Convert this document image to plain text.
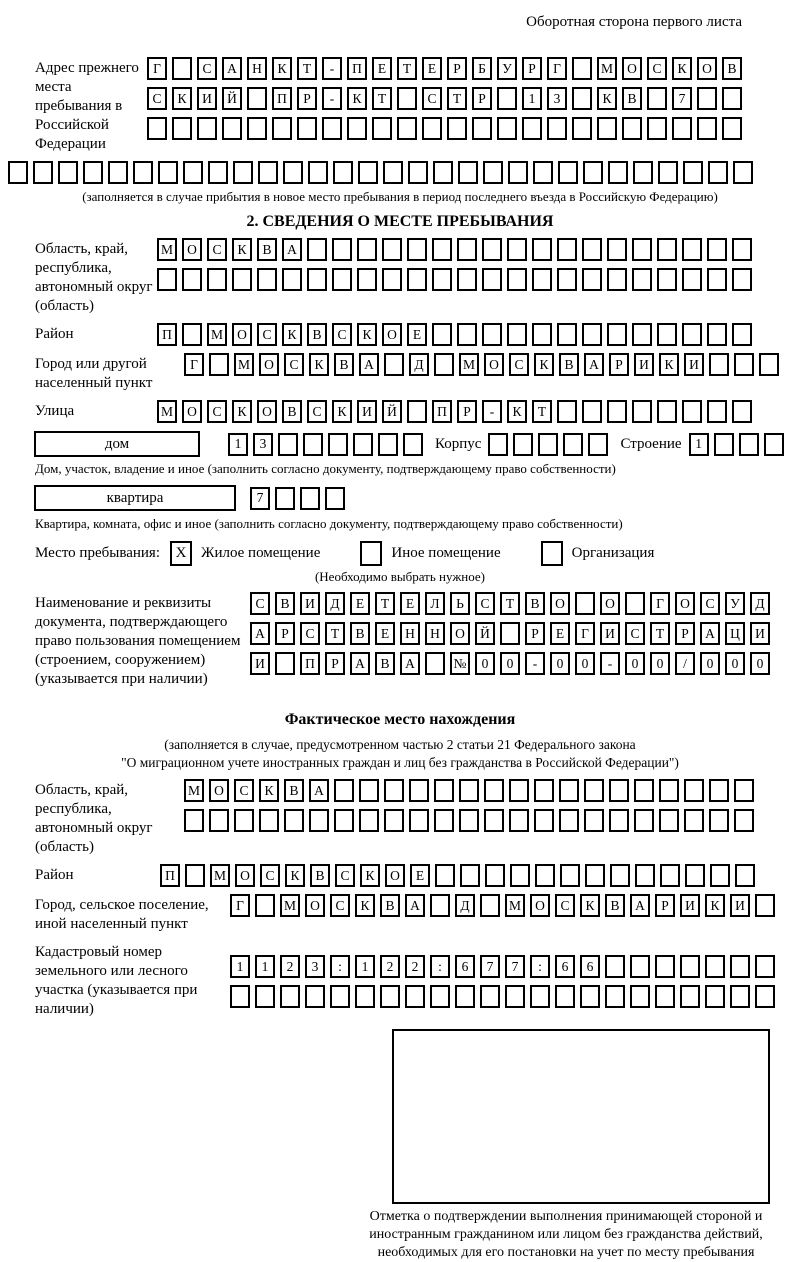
Оборотная сторона первого листа
Адрес прежнего места пребывания в Российской Федерации
Г	С	А	Н	К	Т	-	П	Е	Т	Е	Р	Б	У	Р	Г	М	О	С	К	О	В
С	К	И	Й	П	Р	-	К	Т	С	Т	Р	1	3	К	В	7
(заполняется в случае прибытия в новое место пребывания в период последнего въезда в Российскую Федерацию)
2. СВЕДЕНИЯ О МЕСТЕ ПРЕБЫВАНИЯ
Область, край, республика, автономный округ (область)
М	О	С	К	В	А
Район	П	М	О	С	К	В	С	К	О	Е
Город или другой населенный пункт
Г	М	О	С	К	В	А	Д	М	О	С	К	В	А	Р	И	К	И
Улица	М	О	С	К	О	В	С	К	И	Й	П	Р	-	К	Т
дом	1	3	Корпус	Строение	1
Дом, участок, владение и иное (заполнить согласно документу, подтверждающему право собственности)
квартира	7
Квартира, комната, офис и иное (заполнить согласно документу, подтверждающему право собственности)
Место пребывания:	X Жилое помещение	Иное помещение	Организация
(Необходимо выбрать нужное)
Наименование и реквизиты документа, подтверждающего право пользования помещением (строением, сооружением) (указывается при наличии)
С	В	И	Д	Е	Т	Е	Л	Ь	С	Т	В	О	О	Г	О	С	У	Д
А	Р	С	Т	В	Е	Н	Н	О	Й	Р	Е	Г	И	С	Т	Р	А	Ц	И
И	П	Р	А	В	А	№	0	0	-	0	0	-	0	0	/	0	0	0
Фактическое место нахождения
(заполняется в случае, предусмотренном частью 2 статьи 21 Федерального закона
"О миграционном учете иностранных граждан и лиц без гражданства в Российской Федерации")
Область, край, республика, автономный округ (область)
М	О	С	К	В	А
Район	П	М	О	С	К	В	С	К	О	Е
Город, сельское поселение, иной населенный пункт
Г	М	О	С	К	В	А	Д	М	О	С	К	В	А	Р	И	К	И
Кадастровый номер земельного или лесного участка (указывается при наличии)
1	1	2	3	:	1	2	2	:	6	7	7	:	6	6
Отметка о подтверждении выполнения принимающей стороной и иностранным гражданином или лицом без гражданства действий, необходимых для его постановки на учет по месту пребывания
